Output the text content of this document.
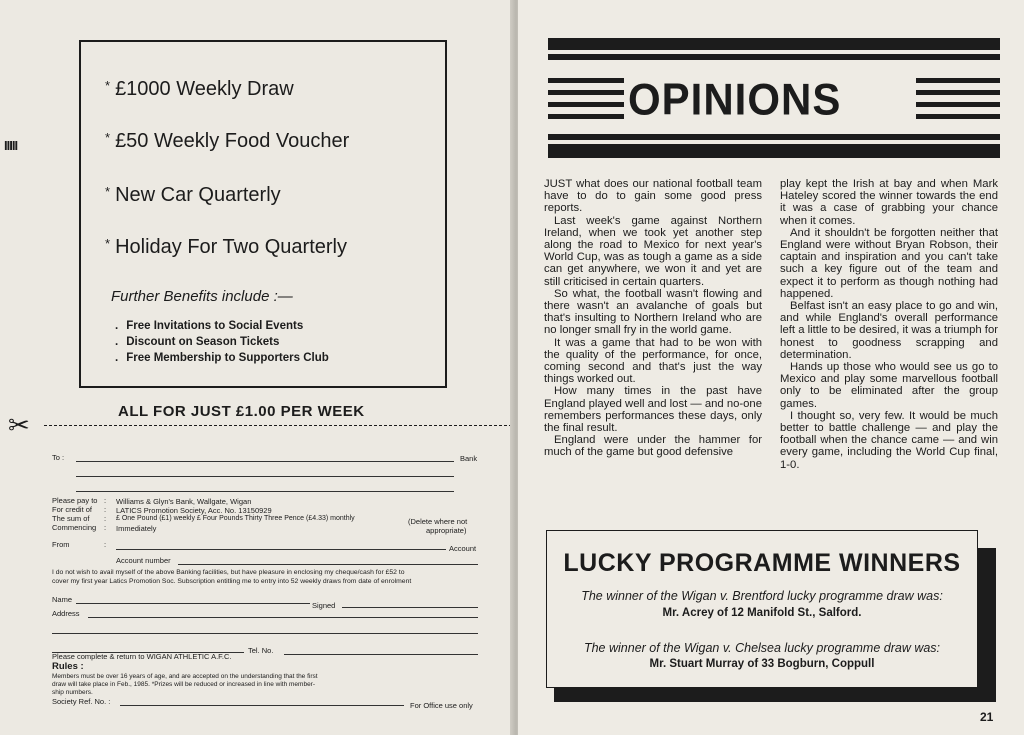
IIIII
* £1000 Weekly Draw
* £50 Weekly Food Voucher
* New Car Quarterly
* Holiday For Two Quarterly
Further Benefits include :—
. Free Invitations to Social Events
. Discount on Season Tickets
. Free Membership to Supporters Club
ALL FOR JUST £1.00 PER WEEK
✂
To :	Bank
Please pay to : Williams & Glyn's Bank, Wallgate, Wigan
For credit of : LATICS Promotion Society, Acc. No. 13150929
The sum of : £ One Pound (£1) weekly £ Four Pounds Thirty Three Pence (£4.33) monthly	(Delete where not
Commencing : Immediately	appropriate)
From	:	Account
Account number
I do not wish to avail myself of the above Banking facilities, but have pleasure in enclosing my cheque/cash for £52 to
cover my first year Latics Promotion Soc. Subscription entitling me to entry into 52 weekly draws from date of enrolment
Name
Signed
Address
Tel. No.
Please complete & return to WIGAN ATHLETIC A.F.C.
Rules :
Members must be over 16 years of age, and are accepted on the understanding that the first
draw will take place in Feb., 1985. *Prizes will be reduced or increased in line with member-
ship numbers.
Society Ref. No. :	For Office use only
OPINIONS

JUST what does our national football team have to do to gain some good press reports.

Last week's game against Northern Ireland, when we took yet another step along the road to Mexico for next year's World Cup, was as tough a game as a side can get anywhere, we won it and yet are still criticised in certain quarters.

So what, the football wasn't flowing and there wasn't an avalanche of goals but that's insulting to Northern Ireland who are no longer small fry in the world game.

It was a game that had to be won with the quality of the performance, for once, coming second and that's just the way things worked out.

How many times in the past have England played well and lost — and no-one remembers performances these days, only the final result.

England were under the hammer for much of the game but good defensive

play kept the Irish at bay and when Mark Hateley scored the winner towards the end it was a case of grabbing your chance when it comes.

And it shouldn't be forgotten neither that England were without Bryan Robson, their captain and inspiration and you can't take such a key figure out of the team and expect it to perform as though nothing had happened.

Belfast isn't an easy place to go and win, and while England's overall performance left a little to be desired, it was a triumph for honest to goodness scrapping and determination.

Hands up those who would see us go to Mexico and play some marvellous football only to be eliminated after the group games.

I thought so, very few. It would be much better to battle challenge — and play the football when the chance came — and win every game, including the World Cup final, 1-0.

LUCKY PROGRAMME WINNERS
The winner of the Wigan v. Brentford lucky programme draw was:
Mr. Acrey of 12 Manifold St., Salford.
The winner of the Wigan v. Chelsea lucky programme draw was:
Mr. Stuart Murray of 33 Bogburn, Coppull
21
